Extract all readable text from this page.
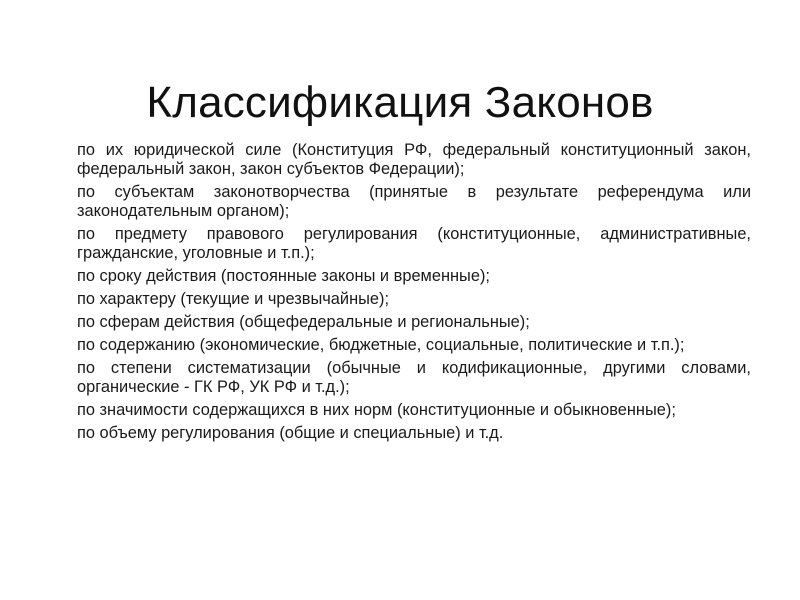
Классификация Законов
по их юридической силе (Конституция РФ, федеральный конституционный закон, федеральный закон, закон субъектов Федерации);
по субъектам законотворчества (принятые в результате референдума или законодательным органом);
по предмету правового регулирования (конституционные, административные, гражданские, уголовные и т.п.);
по сроку действия (постоянные законы и временные);
по характеру (текущие и чрезвычайные);
по сферам действия (общефедеральные и региональные);
по содержанию (экономические, бюджетные, социальные, политические и т.п.);
по степени систематизации (обычные и кодификационные, другими словами, органические - ГК РФ, УК РФ и т.д.);
по значимости содержащихся в них норм (конституционные и обыкновенные);
по объему регулирования (общие и специальные) и т.д.
